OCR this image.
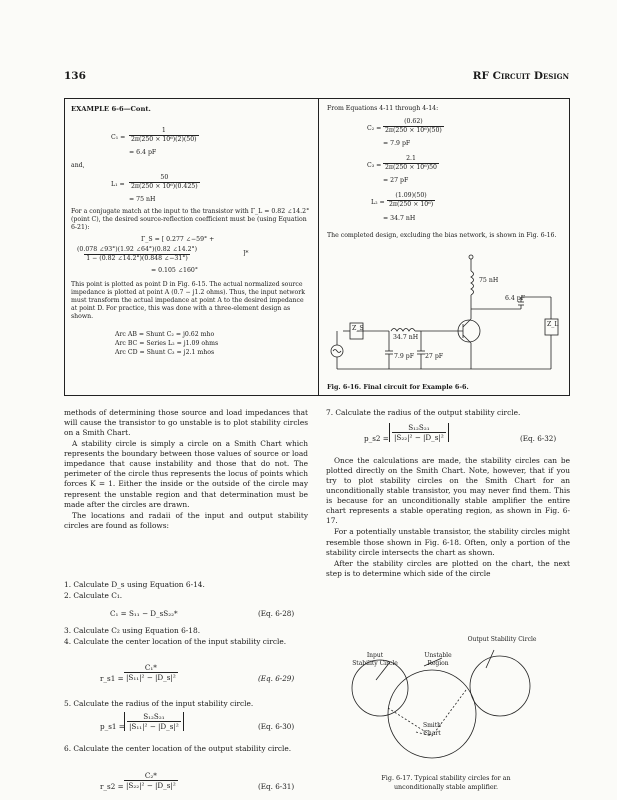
136	RF Circuit Design
EXAMPLE 6-6—Cont.
$C_1 = \frac{1}{\text{2π(250 × 10⁶)(2)(50)}}$
= 6.4 pF
and,
$L_1 = \frac{50}{\text{2π(250 × 10⁶)(0.425)}}$
= 75 nH
For a conjugate match at the input to the transistor with Γ_L = 0.82 ∠14.2° (point C), the desired source-reflection coefficient must be (using Equation 6-21):
Γ_S = [ 0.277 ∠−59° +
$\frac{(0.078 \angle 93^\circ)(1.92 \angle 64^\circ)(0.82 \angle 14.2^\circ)}{1 - (0.82 \angle 14.2^\circ)(0.848 \angle-31^\circ)}$	]*
= 0.105 ∠160°
This point is plotted as point D in Fig. 6-15. The actual normalized source impedance is plotted at point A (0.7 − j1.2 ohms). Thus, the input network must transform the actual impedance at point A to the desired impedance at point D. For practice, this was done with a three-element design as shown.
Arc AB = Shunt C₂ = j0.62 mho
Arc BC = Series L₂ = j1.09 ohms
Arc CD = Shunt C₃ = j2.1 mhos
From Equations 4-11 through 4-14:
$C_2 = \frac{(0.62)}{\text{2π(250 × 10⁶)(50)}}$
= 7.9 pF
$C_3 = \frac{2.1}{\text{2π(250 × 10⁶)50}}$
= 27 pF
$L_2 = \frac{(1.09)(50)}{\text{2π(250 × 10⁶)}}$
= 34.7 nH
The completed design, excluding the bias network, is shown in Fig. 6-16.
75 nH
6.4 pF
Z_S
Z_L
34.7 nH
7.9 pF 27 pF
Fig. 6-16. Final circuit for Example 6-6.

methods of determining those source and load impedances that will cause the transistor to go unstable is to plot stability circles on a Smith Chart.

A stability circle is simply a circle on a Smith Chart which represents the boundary between those values of source or load impedance that cause instability and those that do not. The perimeter of the circle thus represents the locus of points which forces K = 1. Either the inside or the outside of the circle may represent the unstable region and that determination must be made after the circles are drawn.

The locations and radaii of the input and output stability circles are found as follows:

1. Calculate D_s using Equation 6-14.
2. Calculate C₁.
C₁ = S₁₁ − D_sS₂₂*	(Eq. 6-28)
3. Calculate C₂ using Equation 6-18.
4. Calculate the center location of the input stability circle.
r_s1 = $\frac{\text{C₁*}}{\text{|S₁₁|² − |D\_s|²}}$	(Eq. 6-29)
5. Calculate the radius of the input stability circle.
p_s1 = $\frac{\text{S₁₂S₂₁}}{\text{|S₁₁|² − |D\_s|²}}$	(Eq. 6-30)
6. Calculate the center location of the output stability circle.
r_s2 = $\frac{\text{C₂*}}{\text{|S₂₂|² − |D\_s|²}}$	(Eq. 6-31)
7. Calculate the radius of the output stability circle.
p_s2 = $\frac{\text{S₁₂S₂₁}}{\text{|S₂₂|² − |D\_s|²}}$	(Eq. 6-32)

Once the calculations are made, the stability circles can be plotted directly on the Smith Chart. Note, however, that if you try to plot stability circles on the Smith Chart for an unconditionally stable transistor, you may never find them. This is because for an unconditionally stable amplifier the entire chart represents a stable operating region, as shown in Fig. 6-17.

For a potentially unstable transistor, the stability circles might resemble those shown in Fig. 6-18. Often, only a portion of the stability circle intersects the chart as shown.

After the stability circles are plotted on the chart, the next step is to determine which side of the circle

Output Stability Circle
Input
Stability Circle
Unstable
Region
Smith
Chart
Fig. 6-17. Typical stability circles for an
unconditionally stable amplifier.
